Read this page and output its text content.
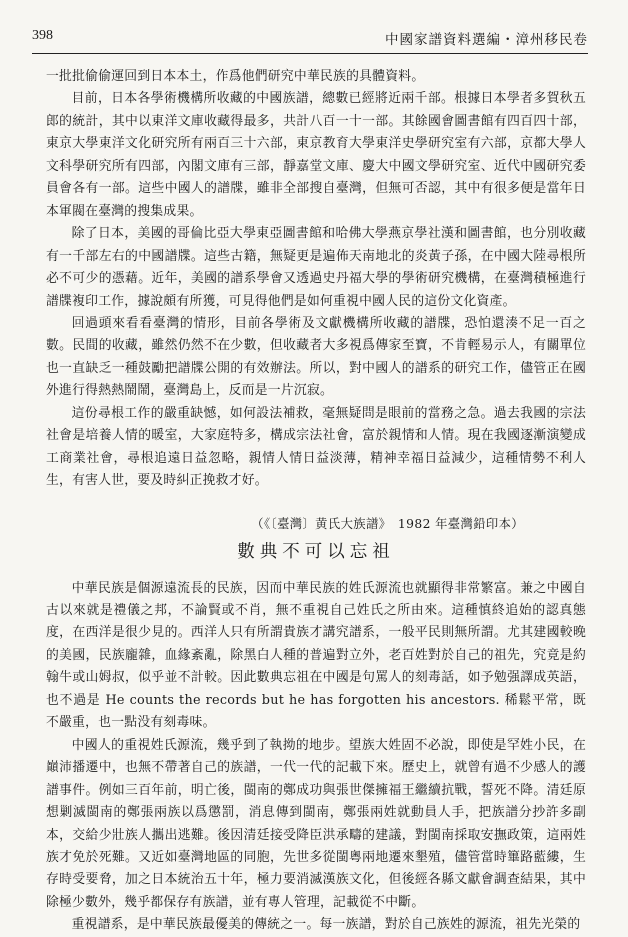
398	中國家譜資料選編・漳州移民卷

一批批偷偷運回到日本本土，作爲他們研究中華民族的具體資料。

目前，日本各學術機構所收藏的中國族譜，總數已經將近兩千部。根據日本學者多賀秋五郎的統計，其中以東洋文庫收藏得最多，共計八百一十一部。其餘國會圖書館有四百四十部，東京大學東洋文化研究所有兩百三十六部，東京教育大學東洋史學研究室有六部，京都大學人文科學研究所有四部，內閣文庫有三部，靜嘉堂文庫、慶大中國文學研究室、近代中國研究委員會各有一部。這些中國人的譜牒，雖非全部搜自臺灣，但無可否認，其中有很多便是當年日本軍閥在臺灣的搜集成果。

除了日本，美國的哥倫比亞大學東亞圖書館和哈佛大學燕京學社漢和圖書館，也分別收藏有一千部左右的中國譜牒。這些古籍，無疑更是遍佈天南地北的炎黃子孫，在中國大陸尋根所必不可少的憑藉。近年，美國的譜系學會又透過史丹福大學的學術研究機構，在臺灣積極進行譜牒複印工作，據說頗有所獲，可見得他們是如何重視中國人民的這份文化資產。

回過頭來看看臺灣的情形，目前各學術及文獻機構所收藏的譜牒，恐怕還湊不足一百之數。民間的收藏，雖然仍然不在少數，但收藏者大多視爲傳家至寶，不肯輕易示人，有關單位也一直缺乏一種鼓勵把譜牒公開的有效辦法。所以，對中國人的譜系的研究工作，儘管正在國外進行得熱熱鬧鬧，臺灣島上，反而是一片沉寂。

這份尋根工作的嚴重缺憾，如何設法補救，毫無疑問是眼前的當務之急。過去我國的宗法社會是培養人情的暖室，大家庭特多，構成宗法社會，富於親情和人情。現在我國逐漸演變成工商業社會，尋根追遠日益忽略，親情人情日益淡薄，精神幸福日益減少，這種情勢不利人生，有害人世，要及時糾正挽救才好。

（《〔臺灣〕黄氏大族譜》　1982 年臺灣鉛印本）
數典不可以忘祖

中華民族是個源遠流長的民族，因而中華民族的姓氏源流也就顯得非常繁富。兼之中國自古以來就是禮儀之邦，不論賢或不肖，無不重視自己姓氏之所由來。這種慎終追始的認真態度，在西洋是很少見的。西洋人只有所謂貴族才講究譜系，一般平民則無所謂。尤其建國較晚的美國，民族龐雜，血緣紊亂，除黑白人種的普遍對立外，老百姓對於自己的祖先，究竟是約翰牛或山姆叔，似乎並不計較。因此數典忘祖在中國是句罵人的刻毒話，如予勉强譯成英語，也不過是 He counts the records but he has forgotten his ancestors. 稀鬆平常，既不嚴重，也一點没有刻毒味。

中國人的重視姓氏源流，幾乎到了執拗的地步。望族大姓固不必說，即使是罕姓小民，在巔沛播遷中，也無不帶著自己的族譜，一代一代的記載下來。歷史上，就曾有過不少感人的護譜事件。例如三百年前，明亡後，閩南的鄭成功與張世傑擁福王繼續抗戰，誓死不降。清廷原想剿滅閩南的鄭張兩族以爲懲罰，消息傳到閩南，鄭張兩姓就動員人手，把族譜分抄許多副本，交給少壯族人攜出逃難。後因清廷接受降臣洪承疇的建議，對閩南採取安撫政策，這兩姓族才免於死難。又近如臺灣地區的同胞，先世多從閩粵兩地遷來墾殖，儘管當時篳路藍縷，生存時受要脅，加之日本統治五十年，極力要消滅漢族文化，但後經各縣文獻會調查結果，其中除極少數外，幾乎都保存有族譜，並有專人管理，記載從不中斷。

重視譜系，是中華民族最優美的傳統之一。每一族譜，對於自己族姓的源流，祖先光榮的
